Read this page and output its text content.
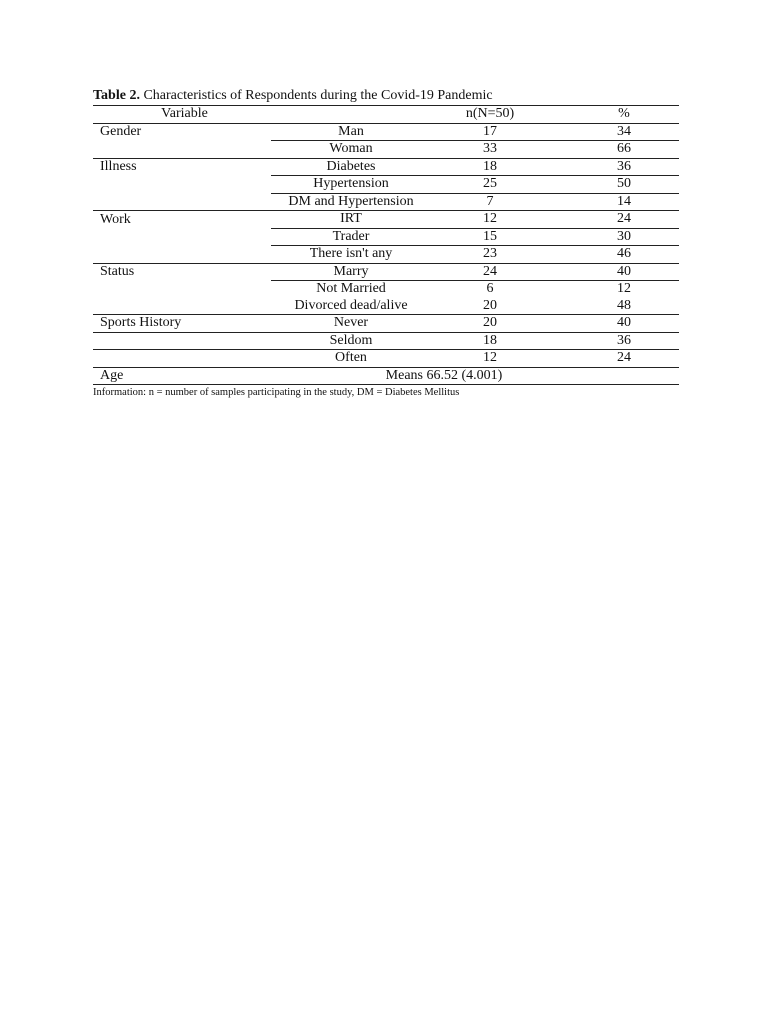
Table 2. Characteristics of Respondents during the Covid-19 Pandemic
Variable		n(N=50)	%
Gender	Man	17	34
	Woman	33	66
Illness	Diabetes	18	36
	Hypertension	25	50
	DM and Hypertension	7	14
Work	IRT	12	24
	Trader	15	30
	There isn't any	23	46
Status	Marry	24	40
	Not Married	6	12
	Divorced dead/alive	20	48
Sports History	Never	20	40
	Seldom	18	36
	Often	12	24
Age	Means 66.52 (4.001)		
Information: n = number of samples participating in the study, DM = Diabetes Mellitus
